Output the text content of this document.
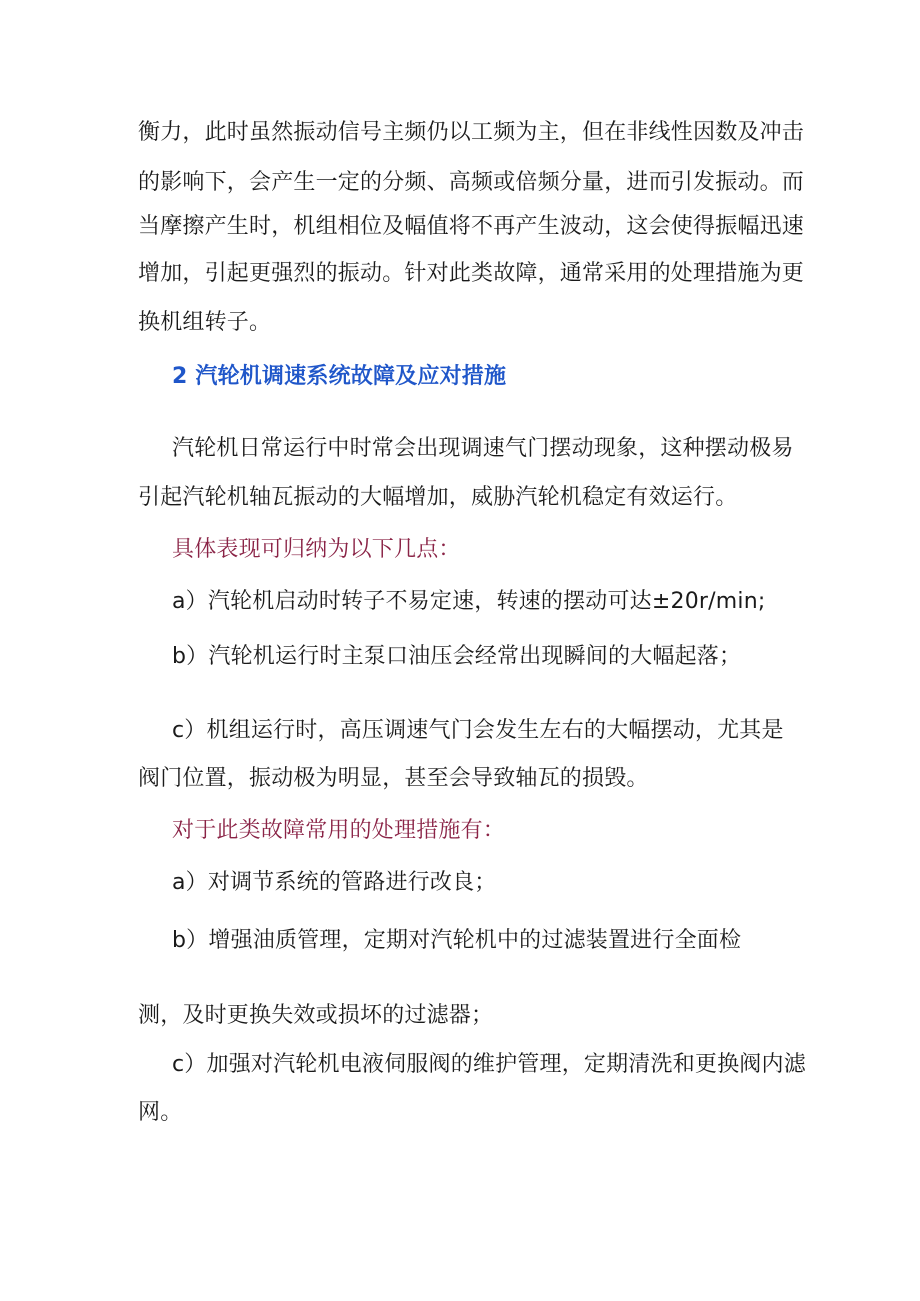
衡力，此时虽然振动信号主频仍以工频为主，但在非线性因数及冲击
的影响下，会产生一定的分频、高频或倍频分量，进而引发振动。而
当摩擦产生时，机组相位及幅值将不再产生波动，这会使得振幅迅速
增加，引起更强烈的振动。针对此类故障，通常采用的处理措施为更
换机组转子。
2 汽轮机调速系统故障及应对措施
汽轮机日常运行中时常会出现调速气门摆动现象，这种摆动极易
引起汽轮机轴瓦振动的大幅增加，威胁汽轮机稳定有效运行。
具体表现可归纳为以下几点：
a）汽轮机启动时转子不易定速，转速的摆动可达±20r/min;
b）汽轮机运行时主泵口油压会经常出现瞬间的大幅起落；
c）机组运行时，高压调速气门会发生左右的大幅摆动，尤其是
阀门位置，振动极为明显，甚至会导致轴瓦的损毁。
对于此类故障常用的处理措施有：
a）对调节系统的管路进行改良；
b）增强油质管理，定期对汽轮机中的过滤装置进行全面检
测，及时更换失效或损坏的过滤器；
c）加强对汽轮机电液伺服阀的维护管理，定期清洗和更换阀内滤
网。
